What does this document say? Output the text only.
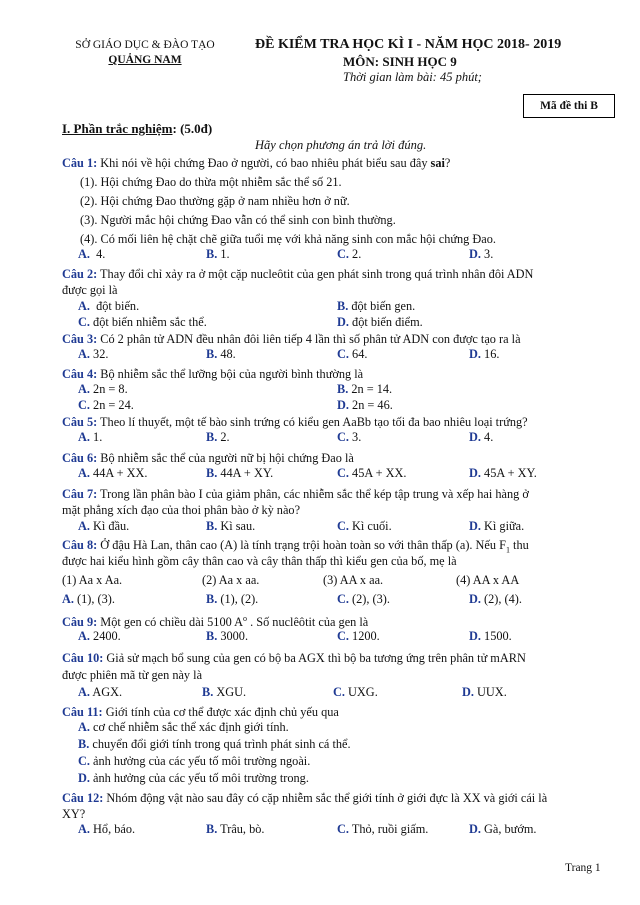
SỞ GIÁO DỤC & ĐÀO TẠO
QUẢNG NAM
ĐỀ KIỂM TRA HỌC KÌ I - NĂM HỌC 2018- 2019
MÔN: SINH HỌC 9
Thời gian làm bài: 45 phút;
Mã đề thi B
I. Phần trắc nghiệm: (5.0đ)
Hãy chọn phương án trả lời đúng.
Câu 1: Khi nói về hội chứng Đao ở người, có bao nhiêu phát biểu sau đây sai?
(1). Hội chứng Đao do thừa một nhiễm sắc thể số 21.
(2). Hội chứng Đao thường gặp ở nam nhiều hơn ở nữ.
(3). Người mắc hội chứng Đao vẫn có thể sinh con bình thường.
(4). Có mối liên hệ chặt chẽ giữa tuổi mẹ với khả năng sinh con mắc hội chứng Đao.
A. 4.	B. 1.	C. 2.	D. 3.
Câu 2: Thay đổi chỉ xảy ra ở một cặp nucleôtit của gen phát sinh trong quá trình nhân đôi ADN
được gọi là
A. đột biến.	B. đột biến gen.
C. đột biến nhiễm sắc thể.	D. đột biến điểm.
Câu 3: Có 2 phân tử ADN đều nhân đôi liên tiếp 4 lần thì số phân tử ADN con được tạo ra là
A. 32.	B. 48.	C. 64.	D. 16.
Câu 4: Bộ nhiễm sắc thể lưỡng bội của người bình thường là
A. 2n = 8.	B. 2n = 14.
C. 2n = 24.	D. 2n = 46.
Câu 5: Theo lí thuyết, một tế bào sinh trứng có kiểu gen AaBb tạo tối đa bao nhiêu loại trứng?
A. 1.	B. 2.	C. 3.	D. 4.
Câu 6: Bộ nhiễm sắc thể của người nữ bị hội chứng Đao là
A. 44A + XX.	B. 44A + XY.	C. 45A + XX.	D. 45A + XY.
Câu 7: Trong lần phân bào I của giảm phân, các nhiễm sắc thể kép tập trung và xếp hai hàng ở
mặt phẳng xích đạo của thoi phân bào ở kỳ nào?
A. Kì đầu.	B. Kì sau.	C. Kì cuối.	D. Kì giữa.
Câu 8: Ở đậu Hà Lan, thân cao (A) là tính trạng trội hoàn toàn so với thân thấp (a). Nếu $F_1$ thu
được hai kiểu hình gồm cây thân cao và cây thân thấp thì kiểu gen của bố, mẹ là
(1) Aa x Aa.	(2) Aa x aa.	(3) AA x aa.	(4) AA x AA
A. (1), (3).	B. (1), (2).	C. (2), (3).	D. (2), (4).
Câu 9: Một gen có chiều dài 5100 $A^o$ . Số nuclêôtit của gen là
A. 2400.	B. 3000.	C. 1200.	D. 1500.
Câu 10: Giả sử mạch bổ sung của gen có bộ ba AGX thì bộ ba tương ứng trên phân tử mARN
được phiên mã từ gen này là
A. AGX.	B. XGU.	C. UXG.	D. UUX.
Câu 11: Giới tính của cơ thể được xác định chủ yếu qua
A. cơ chế nhiễm sắc thể xác định giới tính.
B. chuyển đổi giới tính trong quá trình phát sinh cá thể.
C. ảnh hưởng của các yếu tố môi trường ngoài.
D. ảnh hưởng của các yếu tố môi trường trong.
Câu 12: Nhóm động vật nào sau đây có cặp nhiễm sắc thể giới tính ở giới đực là XX và giới cái là
XY?
A. Hổ, báo.	B. Trâu, bò.	C. Thỏ, ruồi giấm.	D. Gà, bướm.
Trang 1
